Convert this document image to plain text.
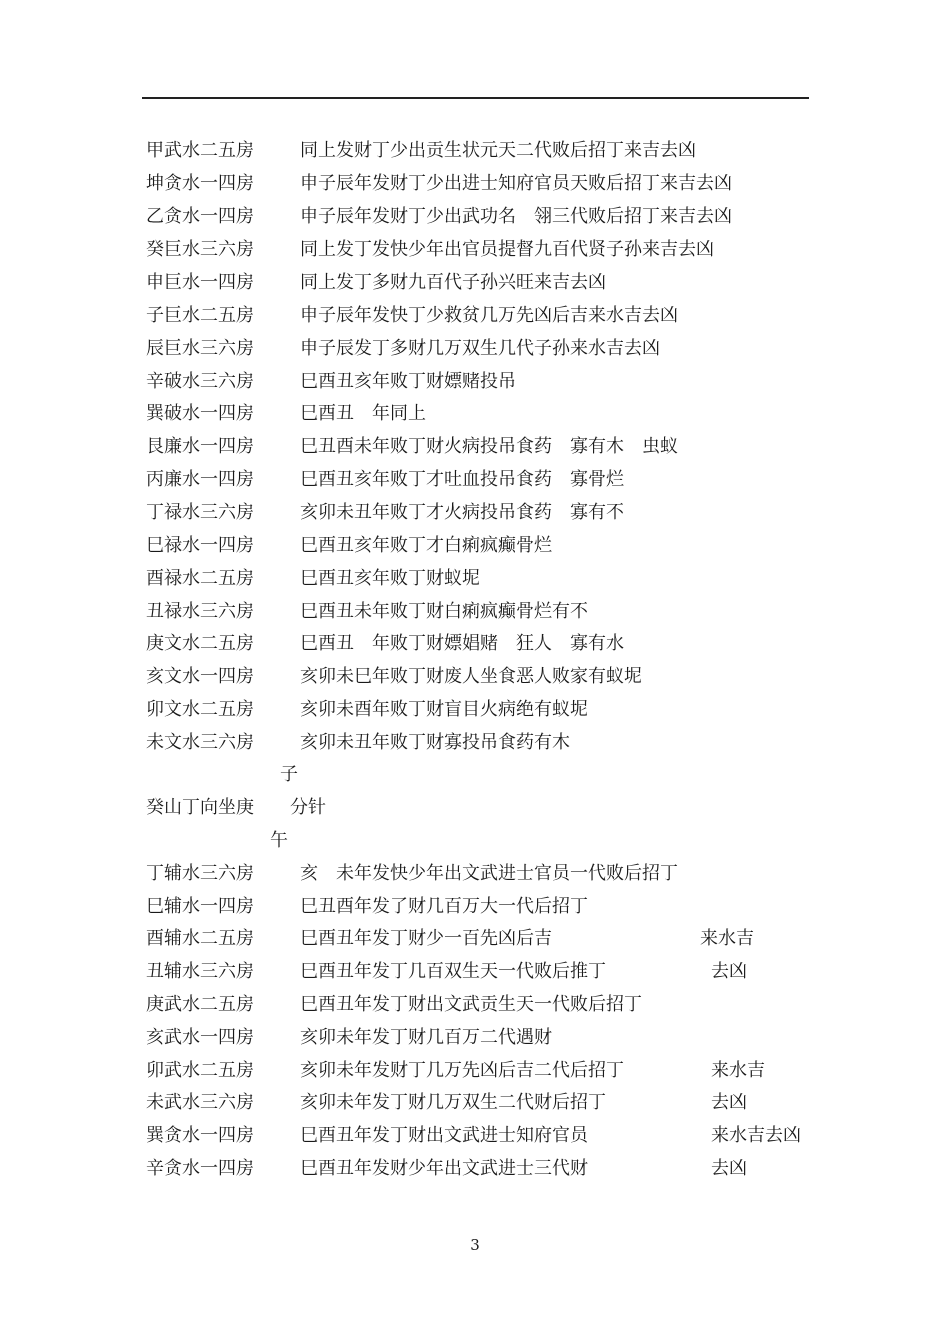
甲武水二五房	同上发财丁少出贡生状元天二代败后招丁来吉去凶
坤贪水一四房	申子辰年发财丁少出进士知府官员天败后招丁来吉去凶
乙贪水一四房	申子辰年发财丁少出武功名　翎三代败后招丁来吉去凶
癸巨水三六房	同上发丁发快少年出官员提督九百代贤子孙来吉去凶
申巨水一四房	同上发丁多财九百代子孙兴旺来吉去凶
子巨水二五房	申子辰年发快丁少救贫几万先凶后吉来水吉去凶
辰巨水三六房	申子辰发丁多财几万双生几代子孙来水吉去凶
辛破水三六房	巳酉丑亥年败丁财嫖赌投吊
巽破水一四房	巳酉丑　年同上
艮廉水一四房	巳丑酉未年败丁财火病投吊食药　寡有木　虫蚁
丙廉水一四房	巳酉丑亥年败丁才吐血投吊食药　寡骨烂
丁禄水三六房	亥卯未丑年败丁才火病投吊食药　寡有不
巳禄水一四房	巳酉丑亥年败丁才白痢疯癫骨烂
酉禄水二五房	巳酉丑亥年败丁财蚁坭
丑禄水三六房	巳酉丑未年败丁财白痢疯癫骨烂有不
庚文水二五房	巳酉丑　年败丁财嫖娼赌　狂人　寡有水
亥文水一四房	亥卯未巳年败丁财废人坐食恶人败家有蚁坭
卯文水二五房	亥卯未酉年败丁财盲目火病绝有蚁坭
未文水三六房	亥卯未丑年败丁财寡投吊食药有木
子
癸山丁向坐庚 分针
午
丁辅水三六房	亥　未年发快少年出文武进士官员一代败后招丁
巳辅水一四房	巳丑酉年发了财几百万大一代后招丁
酉辅水二五房	巳酉丑年发丁财少一百先凶后吉	来水吉
丑辅水三六房	巳酉丑年发丁几百双生天一代败后推丁	去凶
庚武水二五房	巳酉丑年发丁财出文武贡生天一代败后招丁
亥武水一四房	亥卯未年发丁财几百万二代遇财
卯武水二五房	亥卯未年发财丁几万先凶后吉二代后招丁	来水吉
未武水三六房	亥卯未年发丁财几万双生二代财后招丁	去凶
巽贪水一四房	巳酉丑年发丁财出文武进士知府官员	来水吉去凶
辛贪水一四房	巳酉丑年发财少年出文武进士三代财	去凶
3
